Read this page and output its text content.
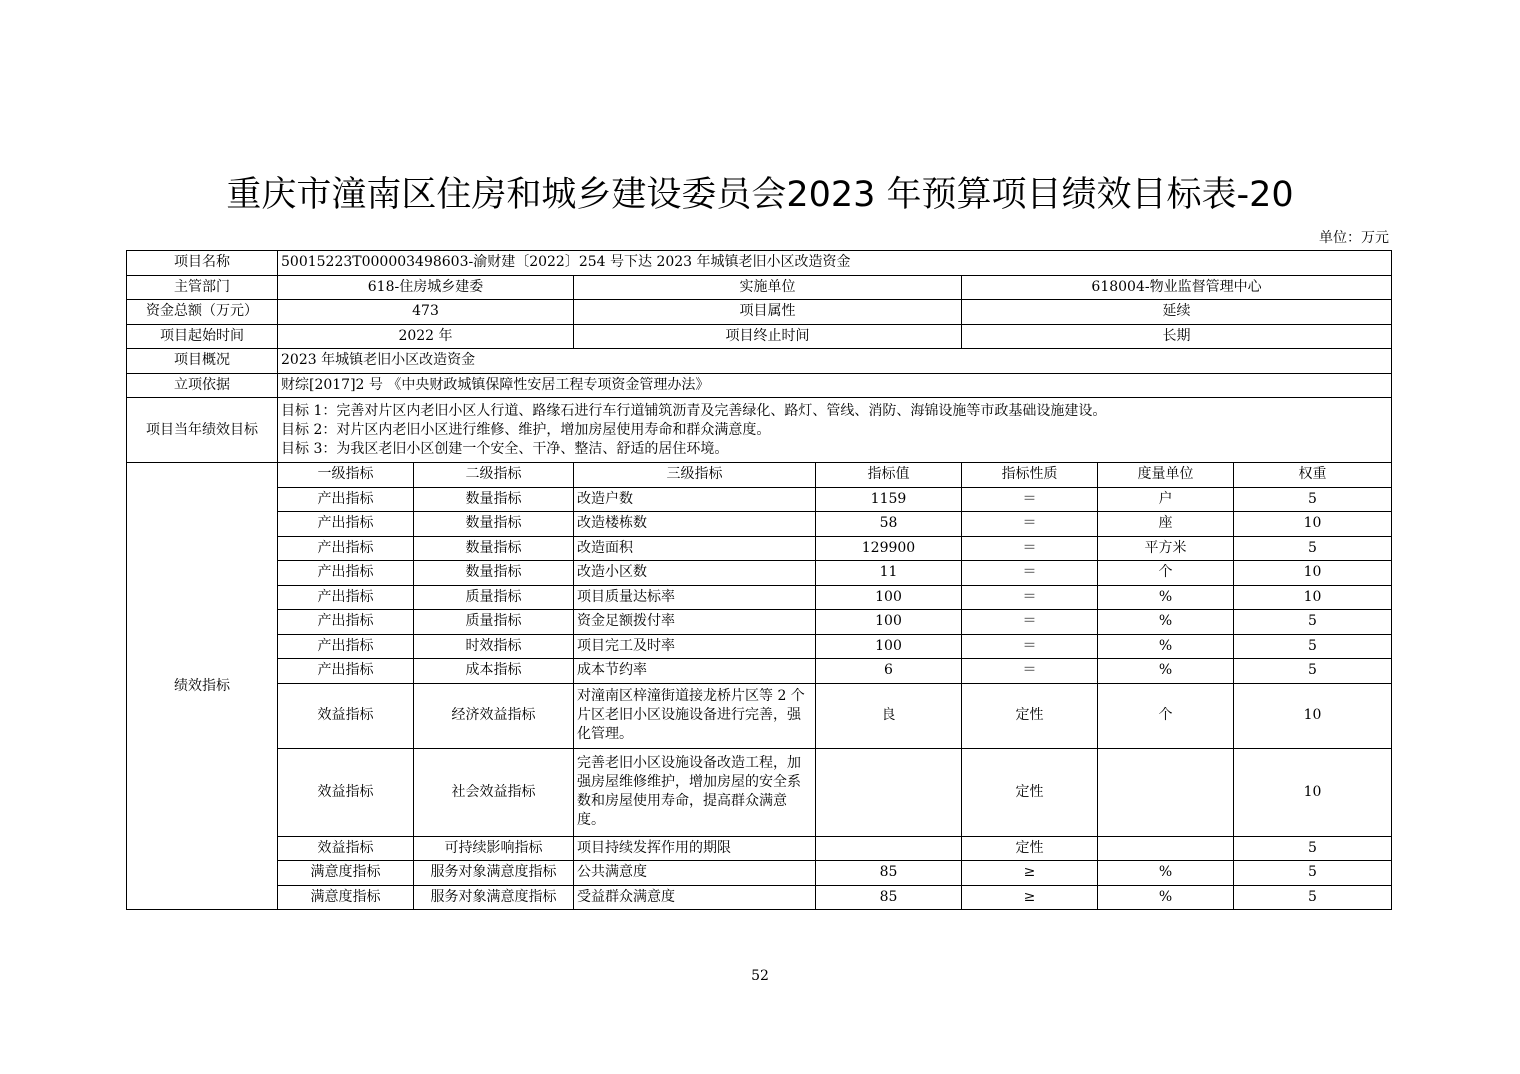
重庆市潼南区住房和城乡建设委员会2023 年预算项目绩效目标表-20
单位：万元
项目名称	50015223T000003498603-渝财建〔2022〕254 号下达 2023 年城镇老旧小区改造资金						
主管部门	618-住房城乡建委		实施单位		618004-物业监督管理中心		
资金总额（万元）	473		项目属性		延续		
项目起始时间	2022 年		项目终止时间		长期		
项目概况	2023 年城镇老旧小区改造资金						
立项依据	财综[2017]2 号 《中央财政城镇保障性安居工程专项资金管理办法》						
项目当年绩效目标	目标 1：完善对片区内老旧小区人行道、路缘石进行车行道铺筑沥青及完善绿化、路灯、管线、消防、海锦设施等市政基础设施建设。
目标 2：对片区内老旧小区进行维修、维护，增加房屋使用寿命和群众满意度。
目标 3：为我区老旧小区创建一个安全、干净、整洁、舒适的居住环境。						

绩效指标	一级指标	二级指标	三级指标	指标值	指标性质	度量单位	权重
	产出指标	数量指标	改造户数	1159	＝	户	5
	产出指标	数量指标	改造楼栋数	58	＝	座	10
	产出指标	数量指标	改造面积	129900	＝	平方米	5
	产出指标	数量指标	改造小区数	11	＝	个	10
	产出指标	质量指标	项目质量达标率	100	＝	%	10
	产出指标	质量指标	资金足额拨付率	100	＝	%	5
	产出指标	时效指标	项目完工及时率	100	＝	%	5
	产出指标	成本指标	成本节约率	6	＝	%	5
	效益指标	经济效益指标	对潼南区梓潼街道接龙桥片区等 2 个片区老旧小区设施设备进行完善，强化管理。	良	定性	个	10
	效益指标	社会效益指标	完善老旧小区设施设备改造工程，加强房屋维修维护，增加房屋的安全系数和房屋使用寿命，提高群众满意度。		定性		10
	效益指标	可持续影响指标	项目持续发挥作用的期限		定性		5
	满意度指标	服务对象满意度指标	公共满意度	85	≥	%	5
	满意度指标	服务对象满意度指标	受益群众满意度	85	≥	%	5
52
